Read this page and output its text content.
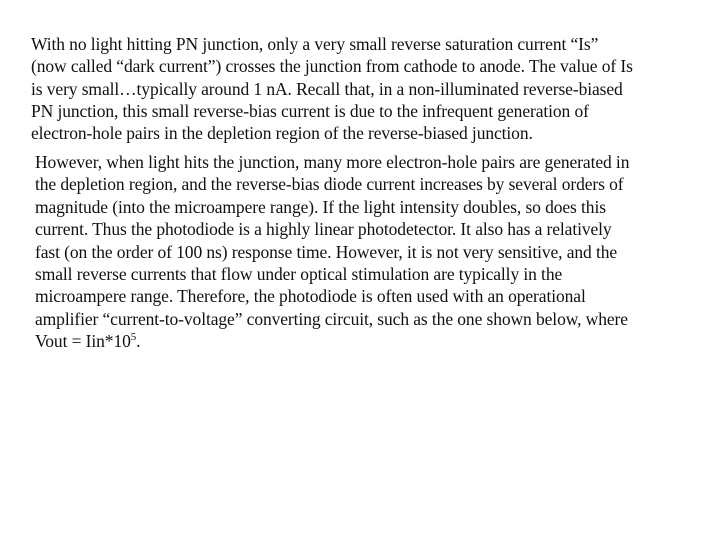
With no light hitting PN junction, only a very small reverse saturation current “Is”
(now called “dark current”) crosses the junction from cathode to anode. The value of Is
is very small…typically around 1 nA. Recall that, in a non-illuminated reverse-biased
PN junction, this small reverse-bias current is due to the infrequent generation of
electron-hole pairs in the depletion region of the reverse-biased junction.

However, when light hits the junction, many more electron-hole pairs are generated in
the depletion region, and the reverse-bias diode current increases by several orders of
magnitude (into the microampere range). If the light intensity doubles, so does this
current. Thus the photodiode is a highly linear photodetector. It also has a relatively
fast (on the order of 100 ns) response time. However, it is not very sensitive, and the
small reverse currents that flow under optical stimulation are typically in the
microampere range. Therefore, the photodiode is often used with an operational
amplifier “current-to-voltage” converting circuit, such as the one shown below, where
Vout = $Iin*10^5$.
